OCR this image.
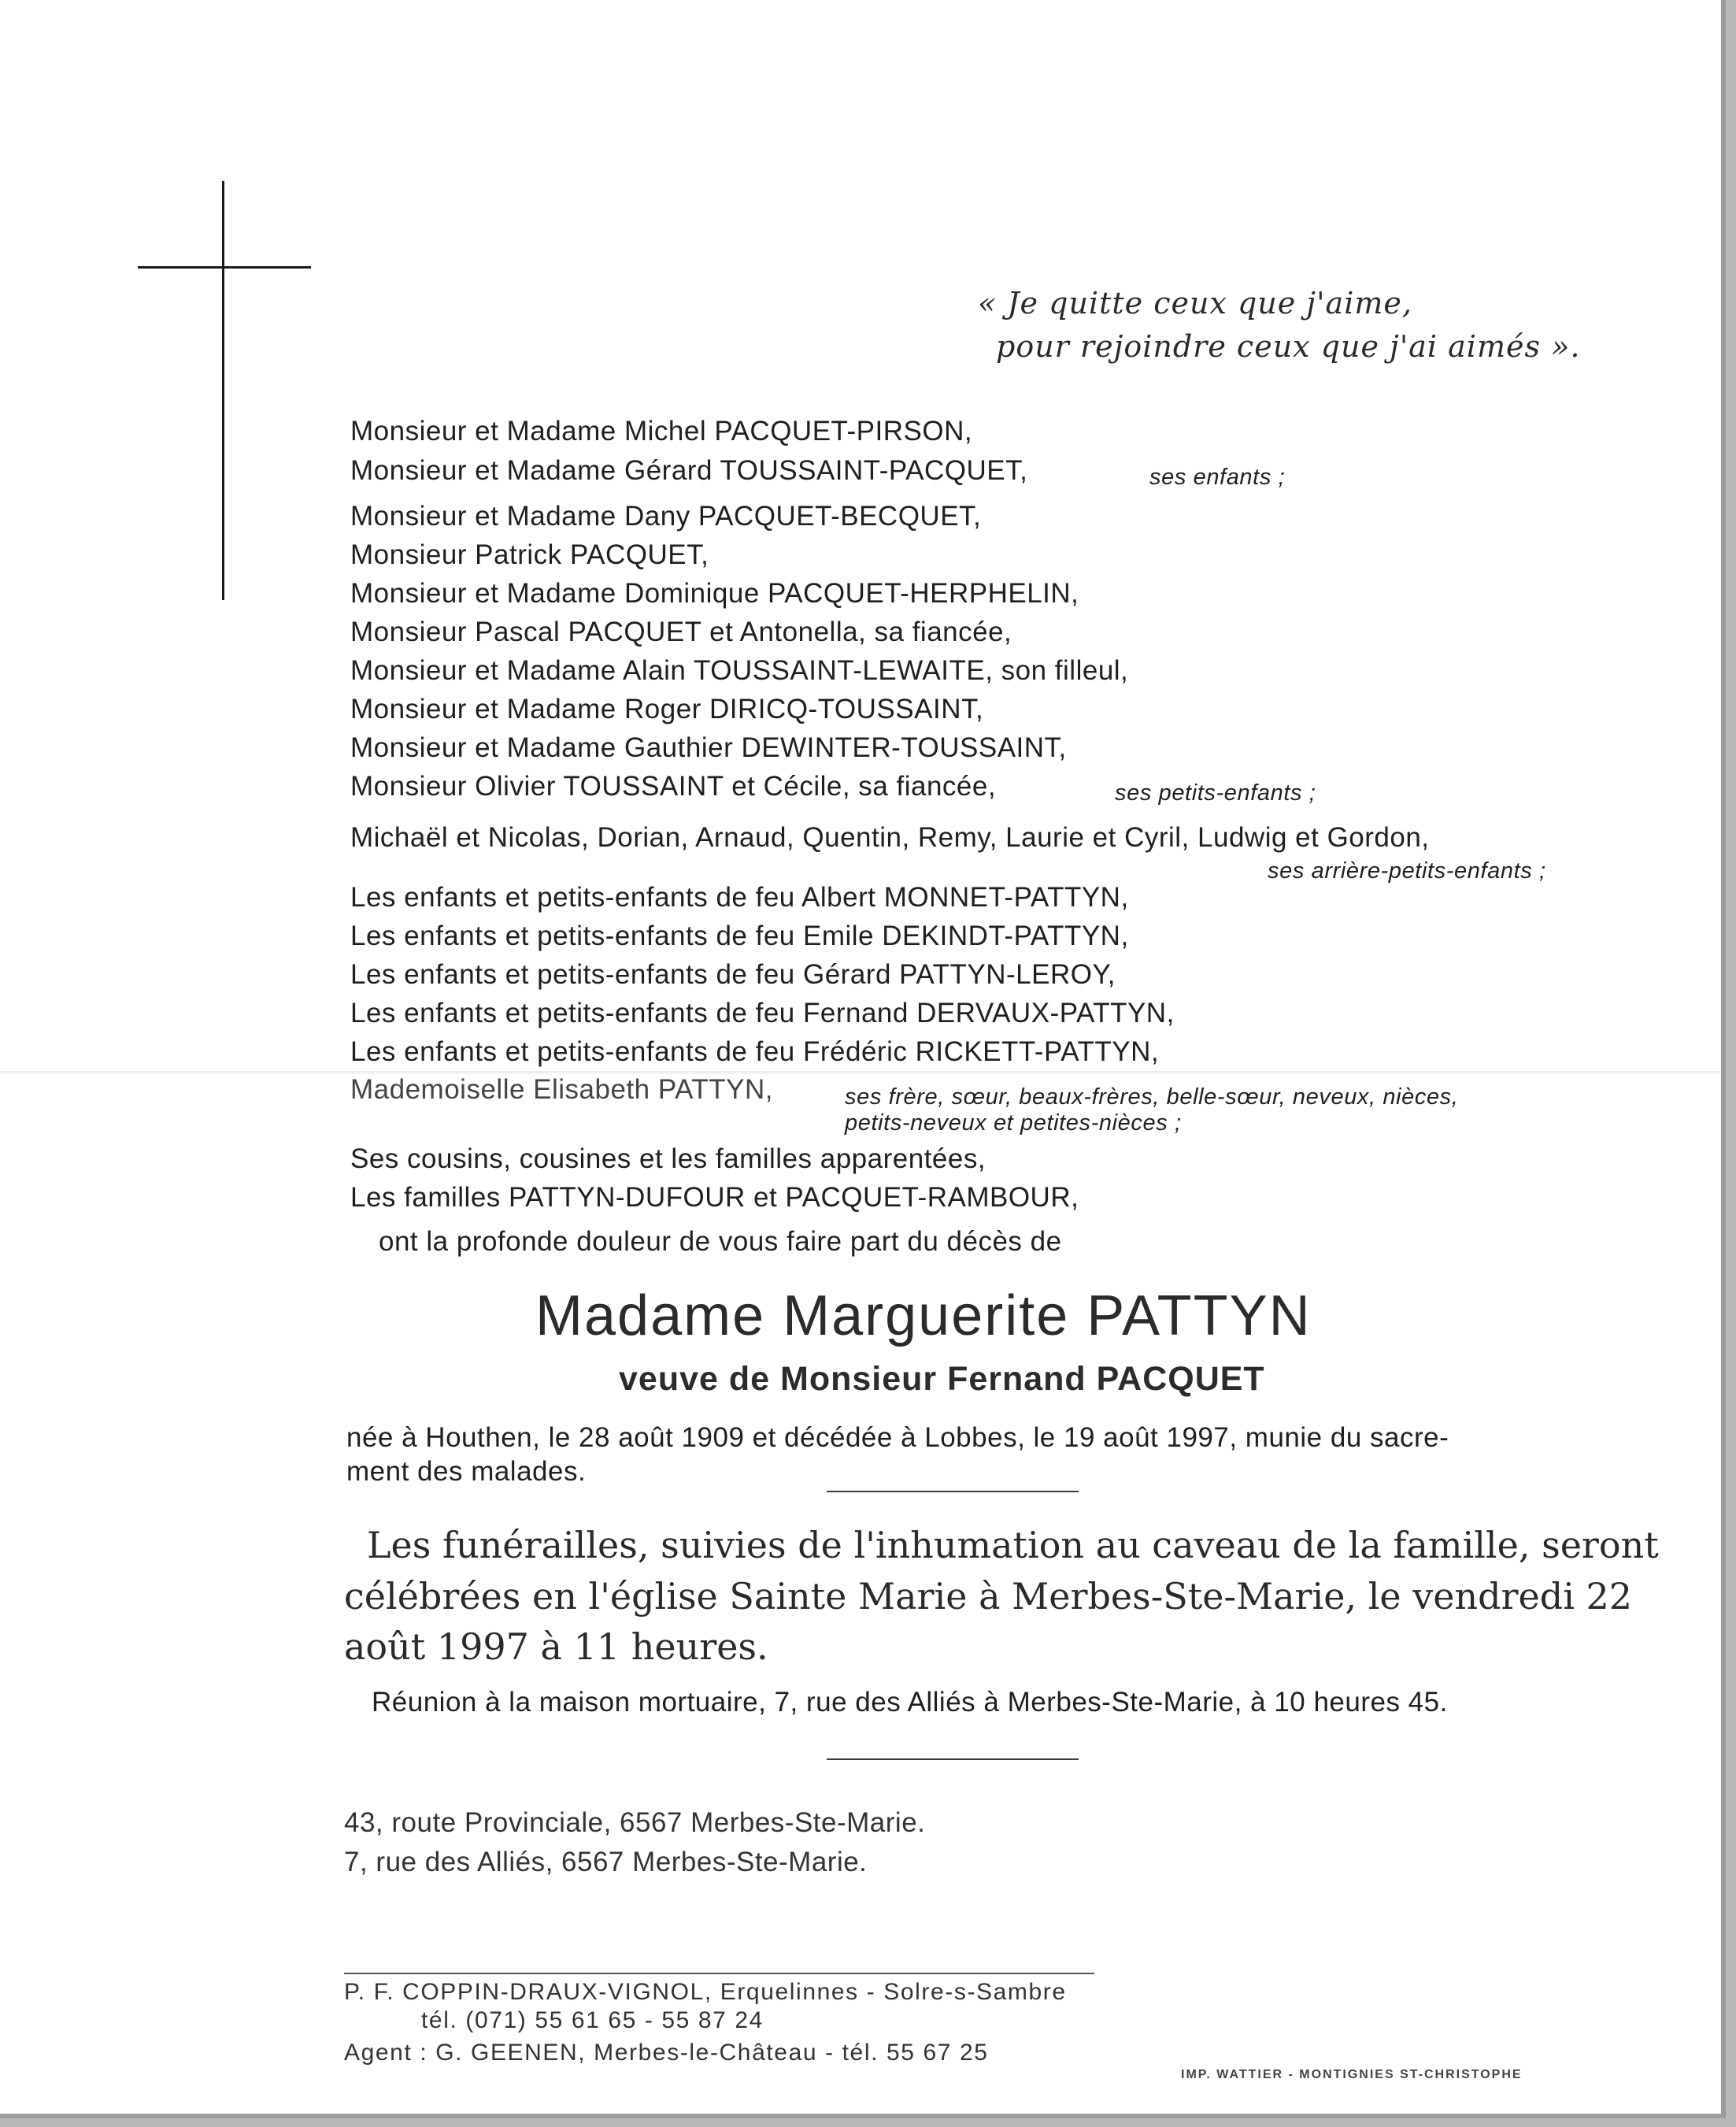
« Je quitte ceux que j'aime,
pour rejoindre ceux que j'ai aimés ».
Monsieur et Madame Michel PACQUET-PIRSON,
Monsieur et Madame Gérard TOUSSAINT-PACQUET,	ses enfants ;
Monsieur et Madame Dany PACQUET-BECQUET,
Monsieur Patrick PACQUET,
Monsieur et Madame Dominique PACQUET-HERPHELIN,
Monsieur Pascal PACQUET et Antonella, sa fiancée,
Monsieur et Madame Alain TOUSSAINT-LEWAITE, son filleul,
Monsieur et Madame Roger DIRICQ-TOUSSAINT,
Monsieur et Madame Gauthier DEWINTER-TOUSSAINT,
Monsieur Olivier TOUSSAINT et Cécile, sa fiancée,	ses petits-enfants ;
Michaël et Nicolas, Dorian, Arnaud, Quentin, Remy, Laurie et Cyril, Ludwig et Gordon,
ses arrière-petits-enfants ;
Les enfants et petits-enfants de feu Albert MONNET-PATTYN,
Les enfants et petits-enfants de feu Emile DEKINDT-PATTYN,
Les enfants et petits-enfants de feu Gérard PATTYN-LEROY,
Les enfants et petits-enfants de feu Fernand DERVAUX-PATTYN,
Les enfants et petits-enfants de feu Frédéric RICKETT-PATTYN,
Mademoiselle Elisabeth PATTYN,	ses frère, sœur, beaux-frères, belle-sœur, neveux, nièces,
petits-neveux et petites-nièces ;
Ses cousins, cousines et les familles apparentées,
Les familles PATTYN-DUFOUR et PACQUET-RAMBOUR,
ont la profonde douleur de vous faire part du décès de
Madame Marguerite PATTYN
veuve de Monsieur Fernand PACQUET
née à Houthen, le 28 août 1909 et décédée à Lobbes, le 19 août 1997, munie du sacre-
ment des malades.
Les funérailles, suivies de l'inhumation au caveau de la famille, seront
célébrées en l'église Sainte Marie à Merbes-Ste-Marie, le vendredi 22
août 1997 à 11 heures.
Réunion à la maison mortuaire, 7, rue des Alliés à Merbes-Ste-Marie, à 10 heures 45.
43, route Provinciale, 6567 Merbes-Ste-Marie.
7, rue des Alliés, 6567 Merbes-Ste-Marie.
P. F. COPPIN-DRAUX-VIGNOL, Erquelinnes - Solre-s-Sambre
tél. (071) 55 61 65 - 55 87 24
Agent : G. GEENEN, Merbes-le-Château - tél. 55 67 25
IMP. WATTIER - MONTIGNIES ST-CHRISTOPHE
